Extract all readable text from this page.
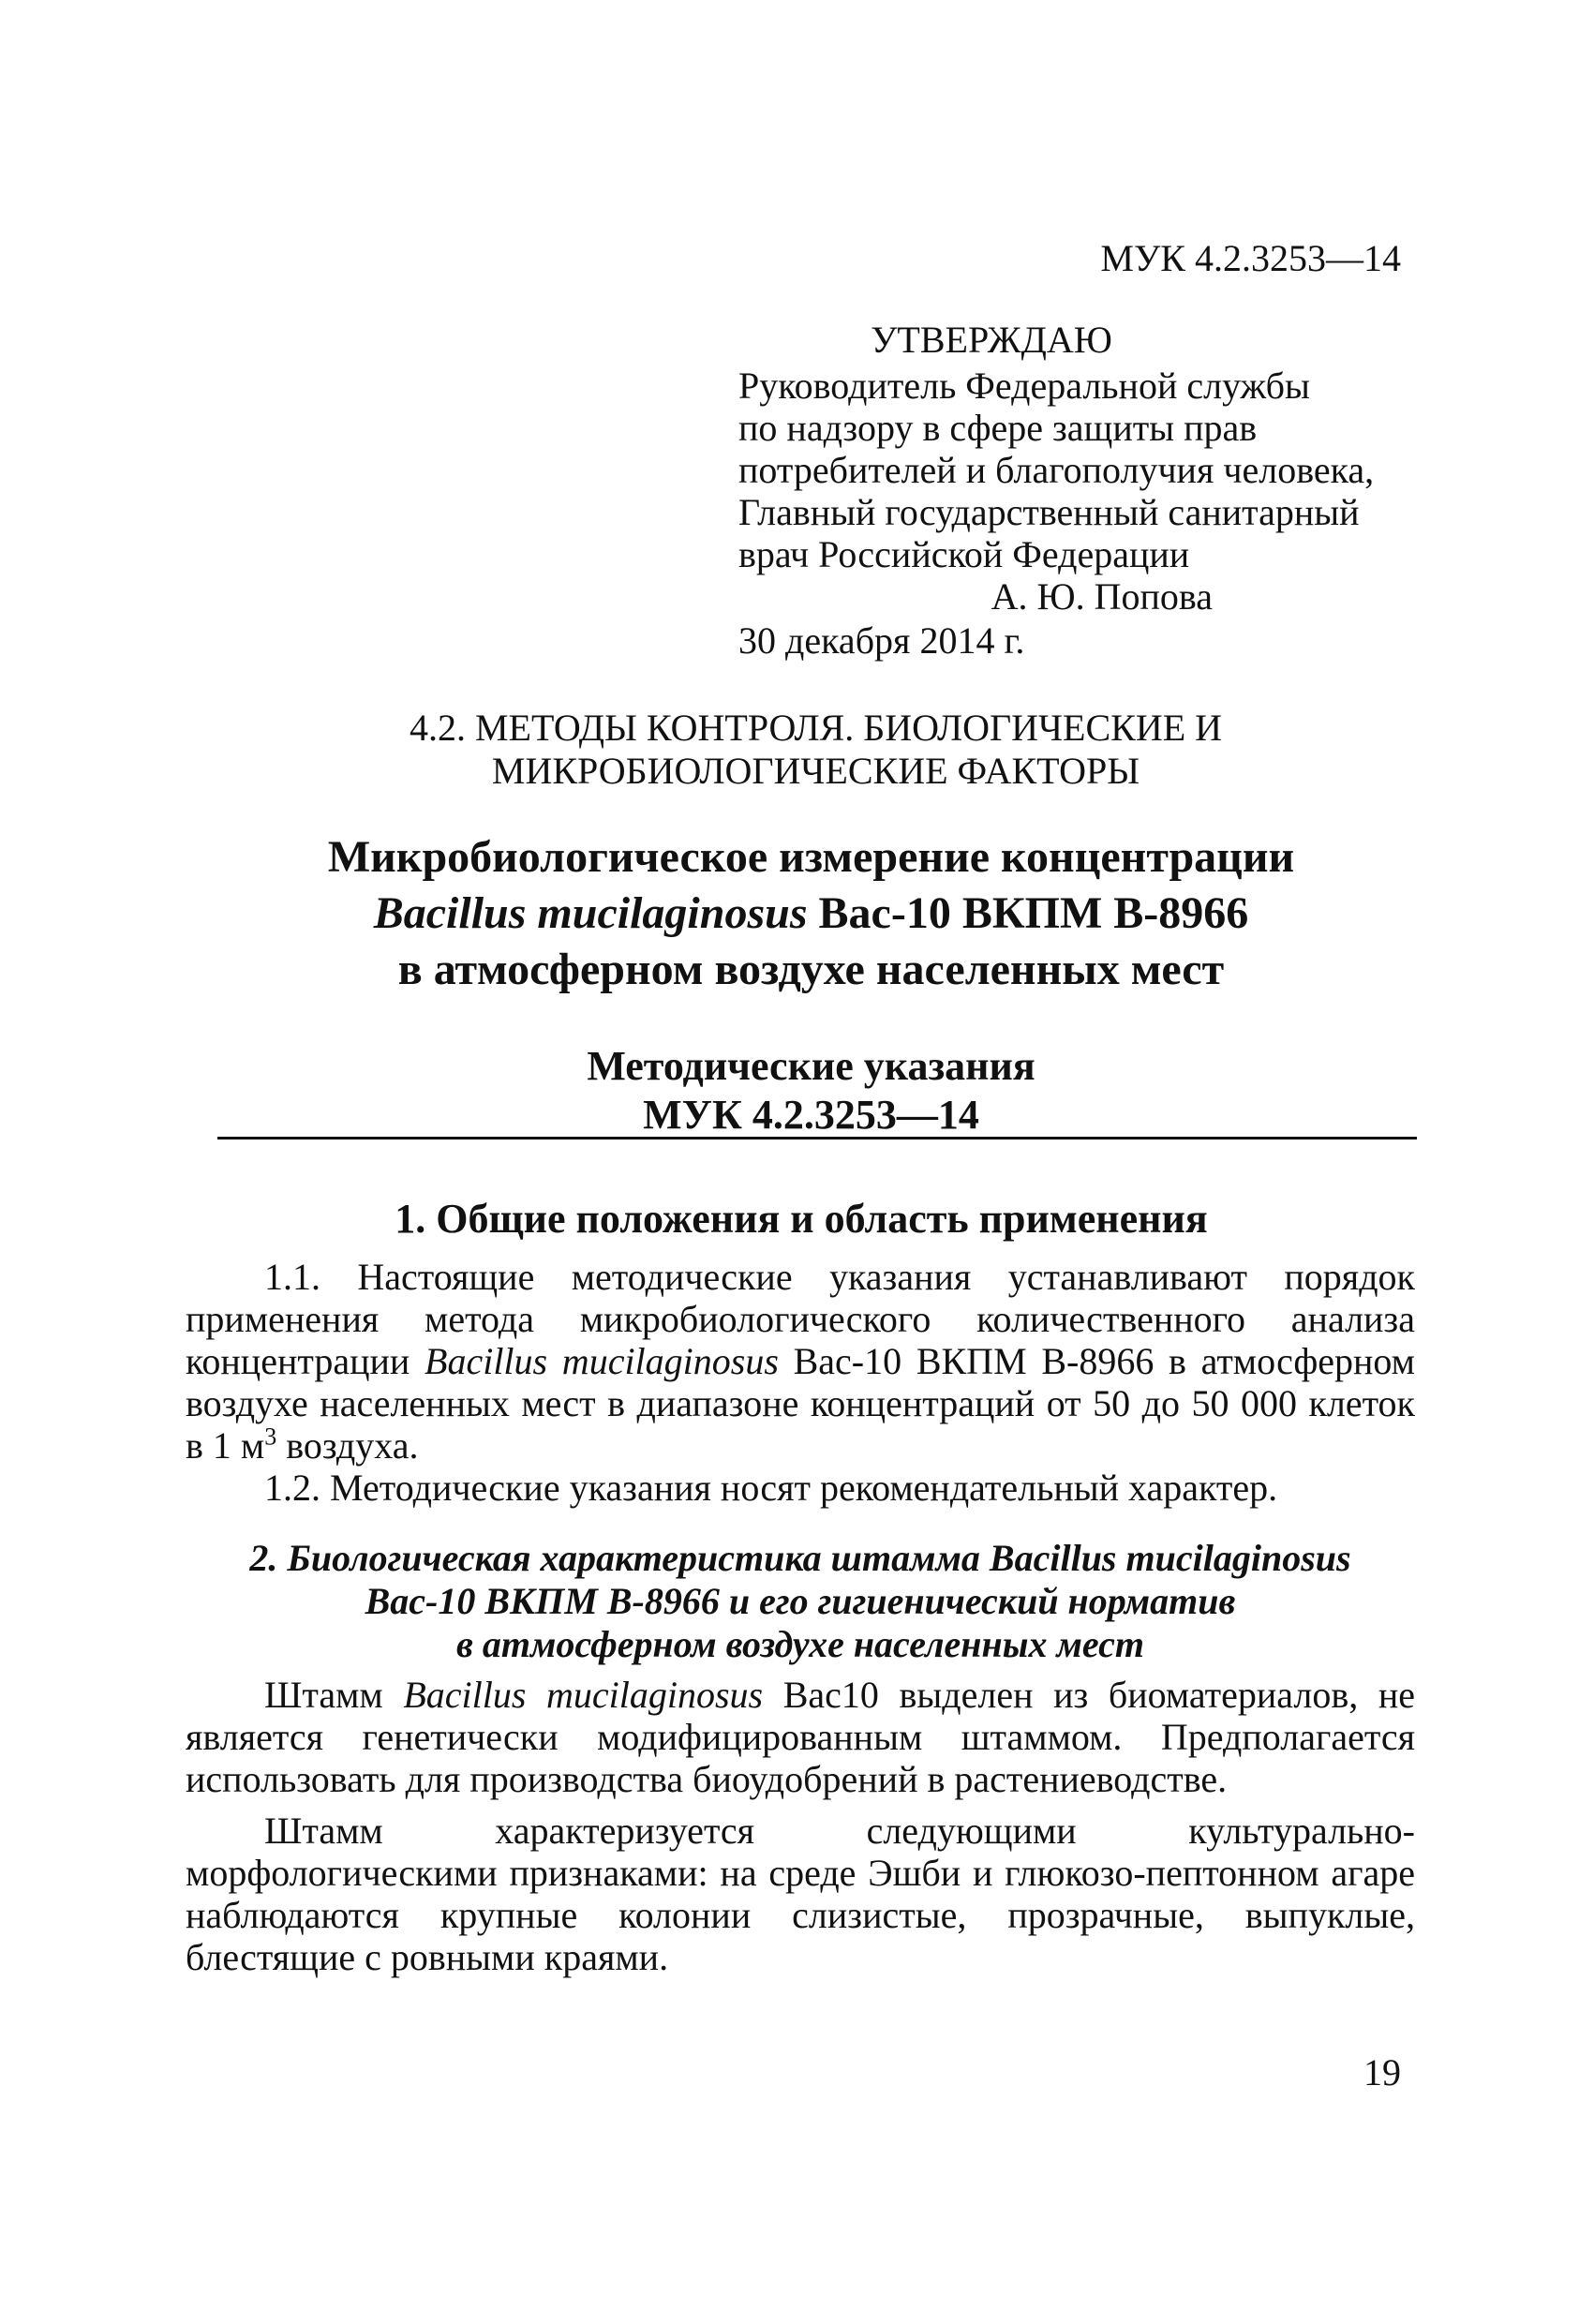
МУК 4.2.3253—14
УТВЕРЖДАЮ
Руководитель Федеральной службы
по надзору в сфере защиты прав
потребителей и благополучия человека,
Главный государственный санитарный
врач Российской Федерации
А. Ю. Попова
30 декабря 2014 г.
4.2. МЕТОДЫ КОНТРОЛЯ. БИОЛОГИЧЕСКИЕ И
МИКРОБИОЛОГИЧЕСКИЕ ФАКТОРЫ
Микробиологическое измерение концентрации
Bacillus mucilaginosus Вас-10 ВКПМ В-8966
в атмосферном воздухе населенных мест
Методические указания
МУК 4.2.3253—14
1. Общие положения и область применения

1.1. Настоящие методические указания устанавливают порядок применения метода микробиологического количественного анализа концентрации Bacillus mucilaginosus Вас-10 ВКПМ В-8966 в атмосферном воздухе населенных мест в диапазоне концентраций от 50 до 50 000 клеток в 1 $м^3$ воздуха.

1.2. Методические указания носят рекомендательный характер.

2. Биологическая характеристика штамма Bacillus mucilaginosus
Вас-10 ВКПМ В-8966 и его гигиенический норматив
в атмосферном воздухе населенных мест

Штамм Bacillus mucilaginosus Вас10 выделен из биоматериалов, не является генетически модифицированным штаммом. Предполагается использовать для производства биоудобрений в растениеводстве.

Штамм характеризуется следующими культурально-морфологическими признаками: на среде Эшби и глюкозо-пептонном агаре наблюдаются крупные колонии слизистые, прозрачные, выпуклые, блестящие с ровными краями.

19
